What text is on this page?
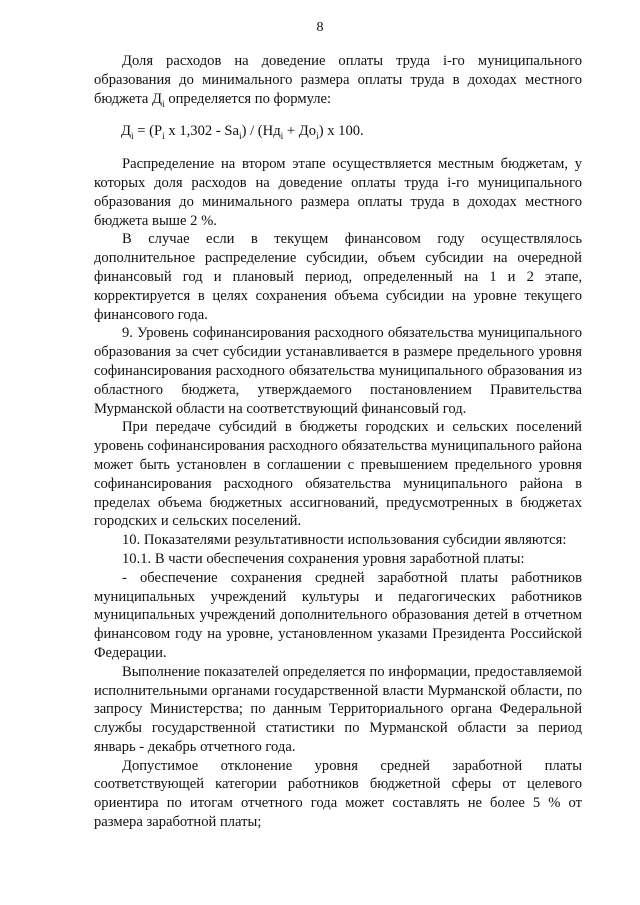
8

Доля расходов на доведение оплаты труда i-го муниципального образования до минимального размера оплаты труда в доходах местного бюджета $Д_i$ определяется по формуле:

$Д_i = (P_i$ x $1,302 - Sa_i) / (Нд_i + До_i)$ x 100.

Распределение на втором этапе осуществляется местным бюджетам, у которых доля расходов на доведение оплаты труда i-го муниципального образования до минимального размера оплаты труда в доходах местного бюджета выше 2 %.

В случае если в текущем финансовом году осуществлялось дополнительное распределение субсидии, объем субсидии на очередной финансовый год и плановый период, определенный на 1 и 2 этапе, корректируется в целях сохранения объема субсидии на уровне текущего финансового года.

9. Уровень софинансирования расходного обязательства муниципального образования за счет субсидии устанавливается в размере предельного уровня софинансирования расходного обязательства муниципального образования из областного бюджета, утверждаемого постановлением Правительства Мурманской области на соответствующий финансовый год.

При передаче субсидий в бюджеты городских и сельских поселений уровень софинансирования расходного обязательства муниципального района может быть установлен в соглашении с превышением предельного уровня софинансирования расходного обязательства муниципального района в пределах объема бюджетных ассигнований, предусмотренных в бюджетах городских и сельских поселений.

10. Показателями результативности использования субсидии являются:

10.1. В части обеспечения сохранения уровня заработной платы:

- обеспечение сохранения средней заработной платы работников муниципальных учреждений культуры и педагогических работников муниципальных учреждений дополнительного образования детей в отчетном финансовом году на уровне, установленном указами Президента Российской Федерации.

Выполнение показателей определяется по информации, предоставляемой исполнительными органами государственной власти Мурманской области, по запросу Министерства; по данным Территориального органа Федеральной службы государственной статистики по Мурманской области за период январь - декабрь отчетного года.

Допустимое отклонение уровня средней заработной платы соответствующей категории работников бюджетной сферы от целевого ориентира по итогам отчетного года может составлять не более 5 % от размера заработной платы;
